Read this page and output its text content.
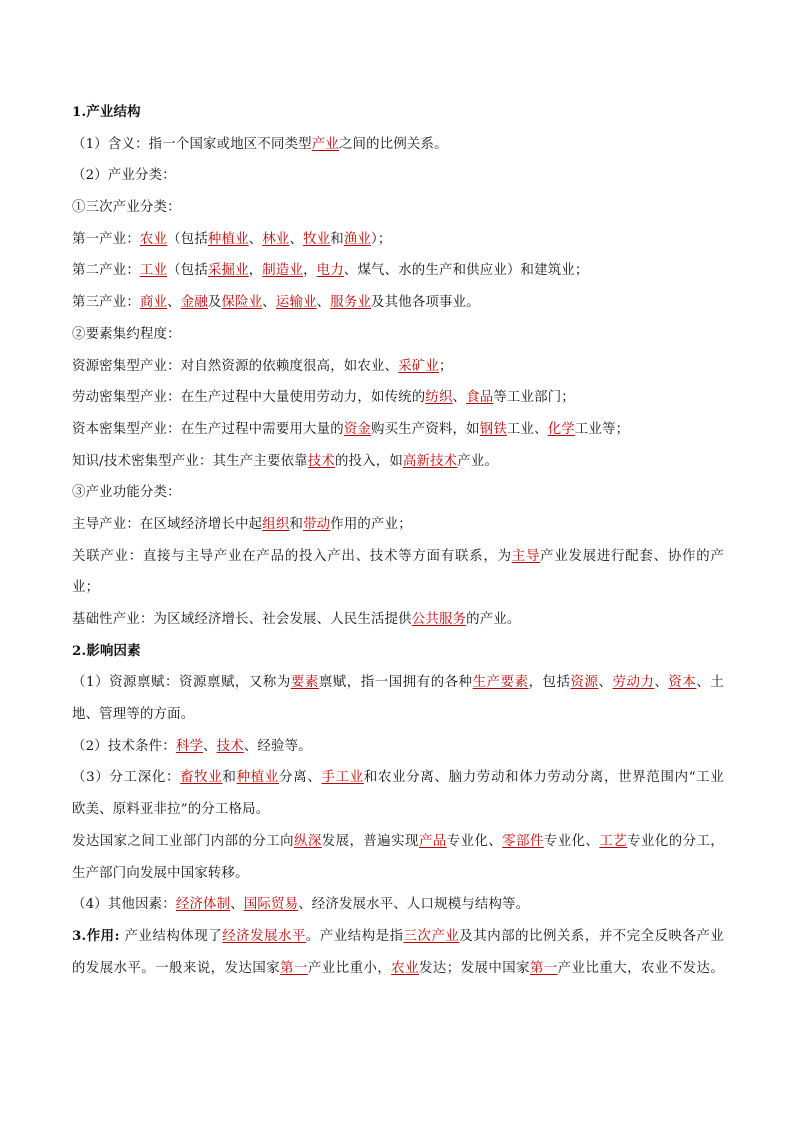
1.产业结构
（1）含义：指一个国家或地区不同类型产业之间的比例关系。
（2）产业分类：
①三次产业分类：
第一产业：农业（包括种植业、林业、牧业和渔业）；
第二产业：工业（包括采掘业，制造业，电力、煤气、水的生产和供应业）和建筑业；
第三产业：商业、金融及保险业、运输业、服务业及其他各项事业。
②要素集约程度：
资源密集型产业：对自然资源的依赖度很高，如农业、采矿业；
劳动密集型产业：在生产过程中大量使用劳动力，如传统的纺织、食品等工业部门；
资本密集型产业：在生产过程中需要用大量的资金购买生产资料，如钢铁工业、化学工业等；
知识/技术密集型产业：其生产主要依靠技术的投入，如高新技术产业。
③产业功能分类：
主导产业：在区域经济增长中起组织和带动作用的产业；
关联产业：直接与主导产业在产品的投入产出、技术等方面有联系，为主导产业发展进行配套、协作的产
业；
基础性产业：为区域经济增长、社会发展、人民生活提供公共服务的产业。
2.影响因素
（1）资源禀赋：资源禀赋，又称为要素禀赋，指一国拥有的各种生产要素，包括资源、劳动力、资本、土
地、管理等的方面。
（2）技术条件：科学、技术、经验等。
（3）分工深化：畜牧业和种植业分离、手工业和农业分离、脑力劳动和体力劳动分离，世界范围内“工业
欧美、原料亚非拉”的分工格局。
发达国家之间工业部门内部的分工向纵深发展，普遍实现产品专业化、零部件专业化、工艺专业化的分工，
生产部门向发展中国家转移。
（4）其他因素：经济体制、国际贸易、经济发展水平、人口规模与结构等。
3.作用: 产业结构体现了经济发展水平。产业结构是指三次产业及其内部的比例关系，并不完全反映各产业
的发展水平。一般来说，发达国家第一产业比重小，农业发达；发展中国家第一产业比重大，农业不发达。
